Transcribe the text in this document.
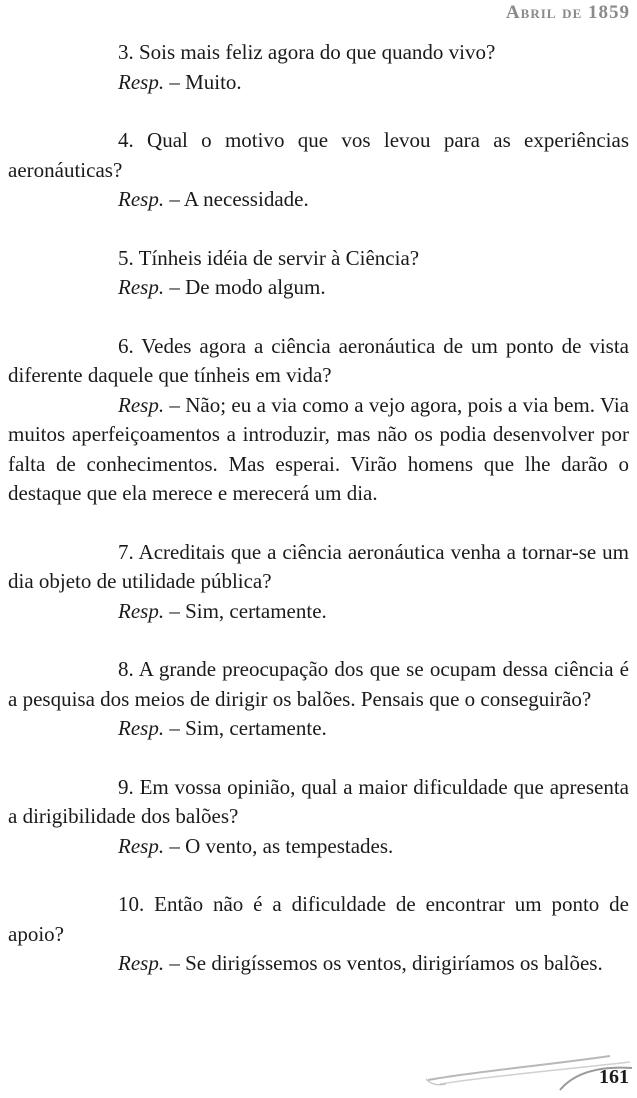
Abril de 1859

3. Sois mais feliz agora do que quando vivo?

Resp. – Muito.

4. Qual o motivo que vos levou para as experiências aeronáuticas?

Resp. – A necessidade.

5. Tínheis idéia de servir à Ciência?

Resp. – De modo algum.

6. Vedes agora a ciência aeronáutica de um ponto de vista diferente daquele que tínheis em vida?

Resp. – Não; eu a via como a vejo agora, pois a via bem. Via muitos aperfeiçoamentos a introduzir, mas não os podia desenvolver por falta de conhecimentos. Mas esperai. Virão homens que lhe darão o destaque que ela merece e merecerá um dia.

7. Acreditais que a ciência aeronáutica venha a tornar-se um dia objeto de utilidade pública?

Resp. – Sim, certamente.

8. A grande preocupação dos que se ocupam dessa ciência é a pesquisa dos meios de dirigir os balões. Pensais que o conseguirão?

Resp. – Sim, certamente.

9. Em vossa opinião, qual a maior dificuldade que apresenta a dirigibilidade dos balões?

Resp. – O vento, as tempestades.

10. Então não é a dificuldade de encontrar um ponto de apoio?

Resp. – Se dirigíssemos os ventos, dirigiríamos os balões.

161
